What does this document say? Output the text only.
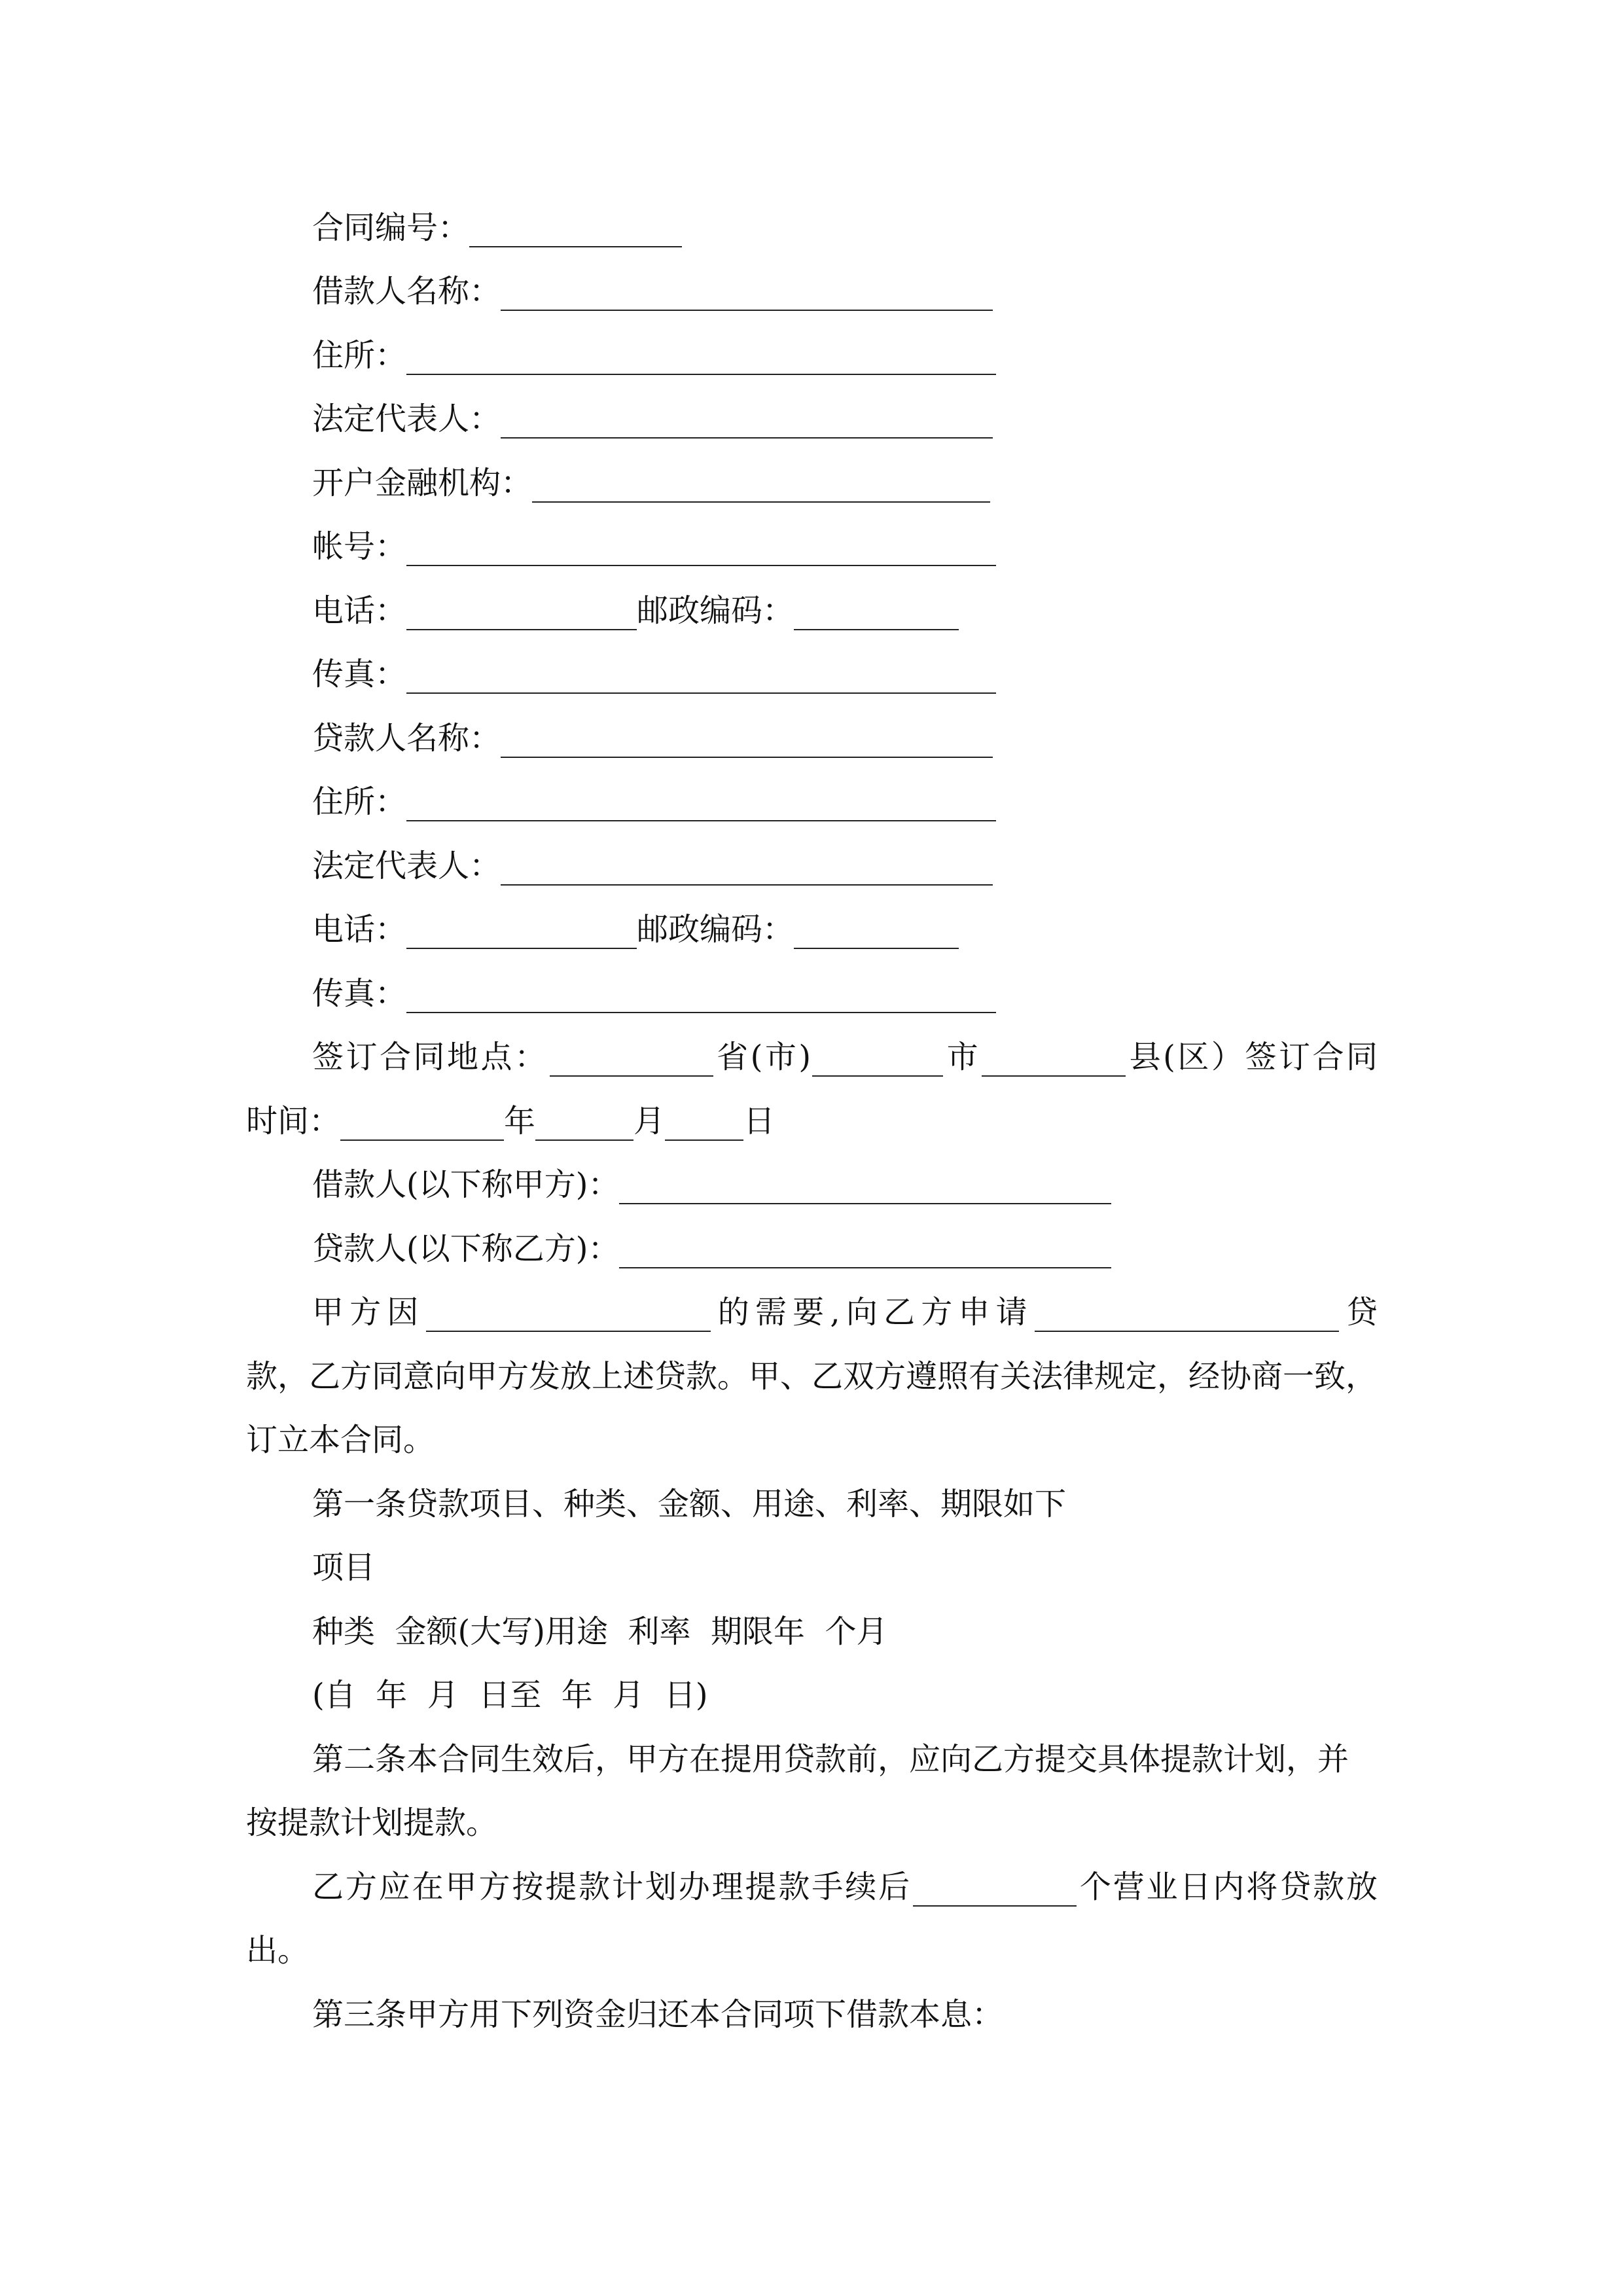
合同编号：
借款人名称：
住所：
法定代表人：
开户金融机构：
帐号：
电话：	邮政编码：
传真：
贷款人名称：
住所：
法定代表人：
电话：	邮政编码：
传真：
签订合同地点：	省(市)	市	县(区）签订合同
时间：	年	月	日
借款人(以下称甲方)：
贷款人(以下称乙方)：
甲方因	的需要,向乙方申请	贷
款，乙方同意向甲方发放上述贷款。甲、乙双方遵照有关法律规定，经协商一致，
订立本合同。
第一条贷款项目、种类、金额、用途、利率、期限如下
项目
种类  金额(大写)用途  利率  期限年  个月
(自  年  月  日至  年  月  日)
第二条本合同生效后，甲方在提用贷款前，应向乙方提交具体提款计划，并
按提款计划提款。
乙方应在甲方按提款计划办理提款手续后	个营业日内将贷款放
出。
第三条甲方用下列资金归还本合同项下借款本息：
